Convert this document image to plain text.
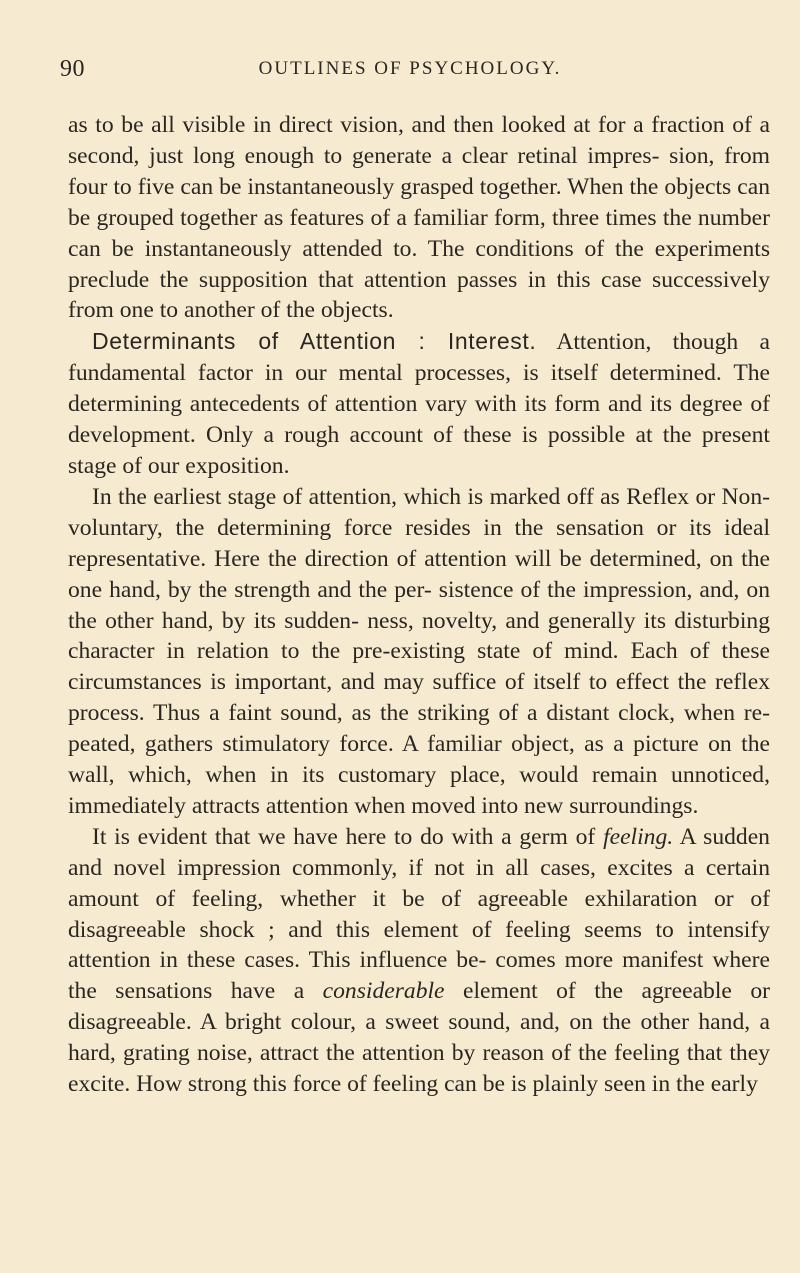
90	OUTLINES OF PSYCHOLOGY.

as to be all visible in direct vision, and then looked at for a fraction of a second, just long enough to generate a clear retinal impres- sion, from four to five can be instantaneously grasped together. When the objects can be grouped together as features of a familiar form, three times the number can be instantaneously attended to. The conditions of the experiments preclude the supposition that attention passes in this case successively from one to another of the objects.

Determinants of Attention : Interest. Attention, though a fundamental factor in our mental processes, is itself determined. The determining antecedents of attention vary with its form and its degree of development. Only a rough account of these is possible at the present stage of our exposition.

In the earliest stage of attention, which is marked off as Reflex or Non-voluntary, the determining force resides in the sensation or its ideal representative. Here the direction of attention will be determined, on the one hand, by the strength and the per- sistence of the impression, and, on the other hand, by its sudden- ness, novelty, and generally its disturbing character in relation to the pre-existing state of mind. Each of these circumstances is important, and may suffice of itself to effect the reflex process. Thus a faint sound, as the striking of a distant clock, when re- peated, gathers stimulatory force. A familiar object, as a picture on the wall, which, when in its customary place, would remain unnoticed, immediately attracts attention when moved into new surroundings.

It is evident that we have here to do with a germ of feeling. A sudden and novel impression commonly, if not in all cases, excites a certain amount of feeling, whether it be of agreeable exhilaration or of disagreeable shock ; and this element of feeling seems to intensify attention in these cases. This influence be- comes more manifest where the sensations have a considerable element of the agreeable or disagreeable. A bright colour, a sweet sound, and, on the other hand, a hard, grating noise, attract the attention by reason of the feeling that they excite. How strong this force of feeling can be is plainly seen in the early
